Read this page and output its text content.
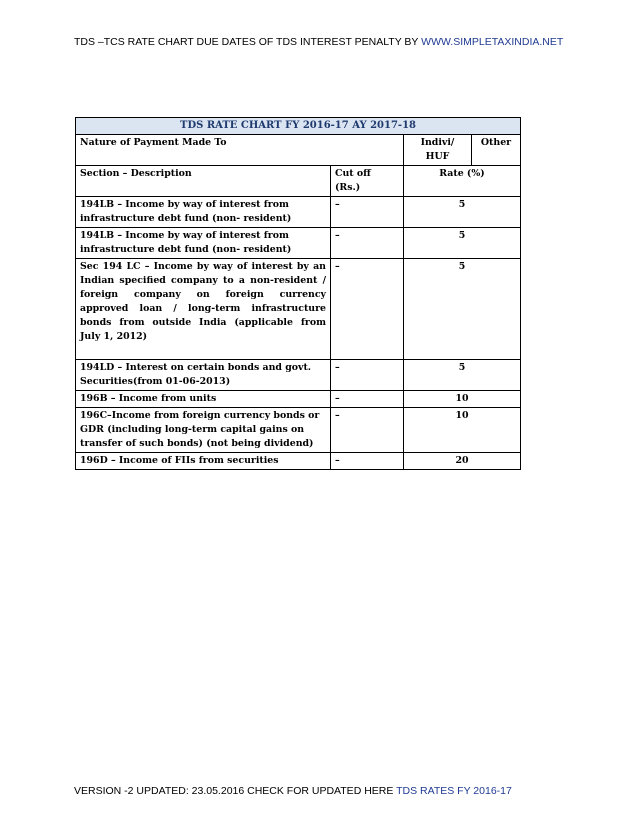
TDS –TCS RATE CHART DUE DATES OF TDS INTEREST PENALTY BY WWW.SIMPLETAXINDIA.NET
TDS RATE CHART FY 2016-17 AY 2017-18			
Nature of Payment Made To		Indivi/ HUF	Other
Section – Description	Cut off (Rs.)	Rate (%)	
194LB – Income by way of interest from infrastructure debt fund (non- resident)	–	5	
194LB – Income by way of interest from infrastructure debt fund (non- resident)	–	5	
Sec 194 LC – Income by way of interest by an Indian specified company to a non-resident / foreign company on foreign currency approved loan / long-term infrastructure bonds from outside India (applicable from July 1, 2012)	–	5	
194LD – Interest on certain bonds and govt. Securities(from 01-06-2013)	–	5	
196B – Income from units	–	10	
196C–Income from foreign currency bonds or GDR (including long-term capital gains on transfer of such bonds) (not being dividend)	–	10	
196D – Income of FIIs from securities	–	20	
VERSION -2 UPDATED: 23.05.2016 CHECK FOR UPDATED HERE TDS RATES FY 2016-17
